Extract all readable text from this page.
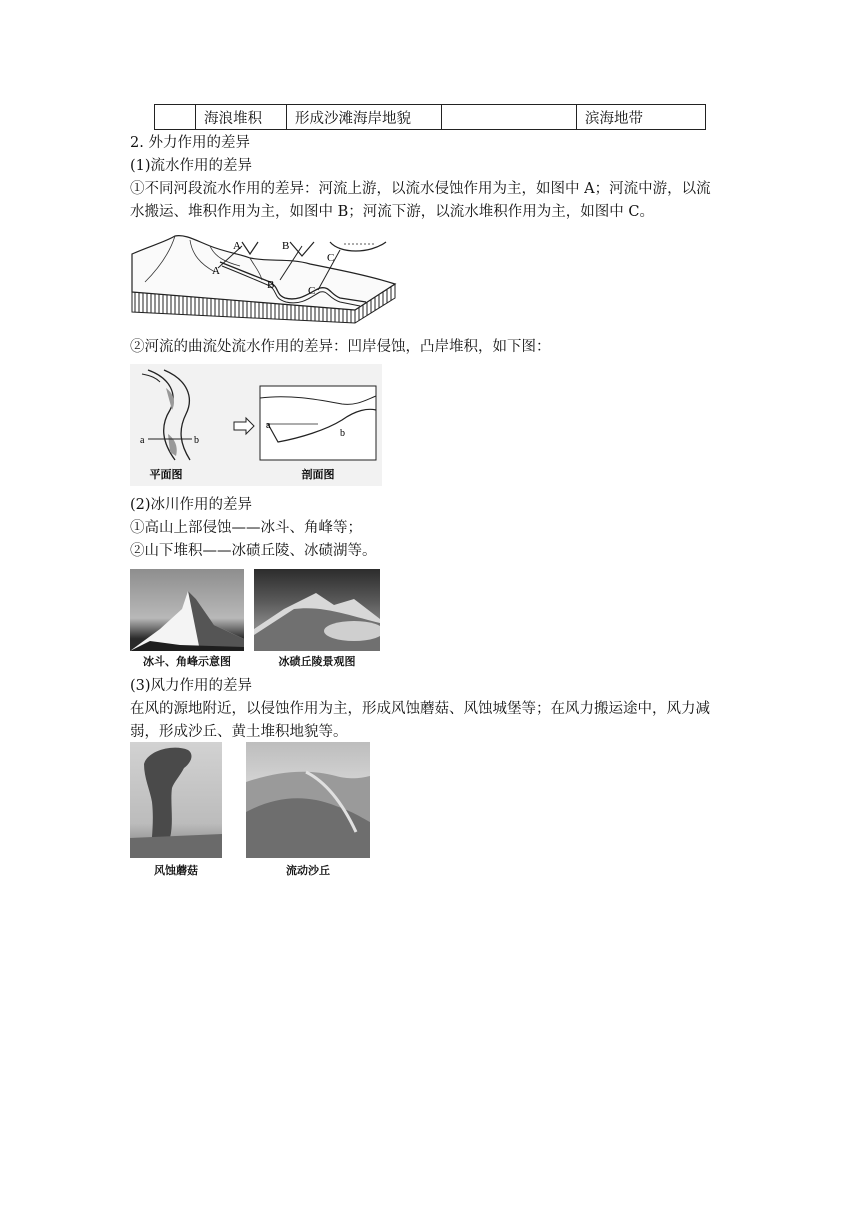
	海浪堆积	形成沙滩海岸地貌		滨海地带
2. 外力作用的差异
(1)流水作用的差异
①不同河段流水作用的差异：河流上游，以流水侵蚀作用为主，如图中 A；河流中游，以流
水搬运、堆积作用为主，如图中 B；河流下游，以流水堆积作用为主，如图中 C。
A	B
C
A
B	C
②河流的曲流处流水作用的差异：凹岸侵蚀，凸岸堆积，如下图：
a	b
a
b
平面图	剖面图
(2)冰川作用的差异
①高山上部侵蚀——冰斗、角峰等；
②山下堆积——冰碛丘陵、冰碛湖等。
冰斗、角峰示意图	冰碛丘陵景观图
(3)风力作用的差异
在风的源地附近，以侵蚀作用为主，形成风蚀蘑菇、风蚀城堡等；在风力搬运途中，风力减
弱，形成沙丘、黄土堆积地貌等。
风蚀蘑菇	流动沙丘
